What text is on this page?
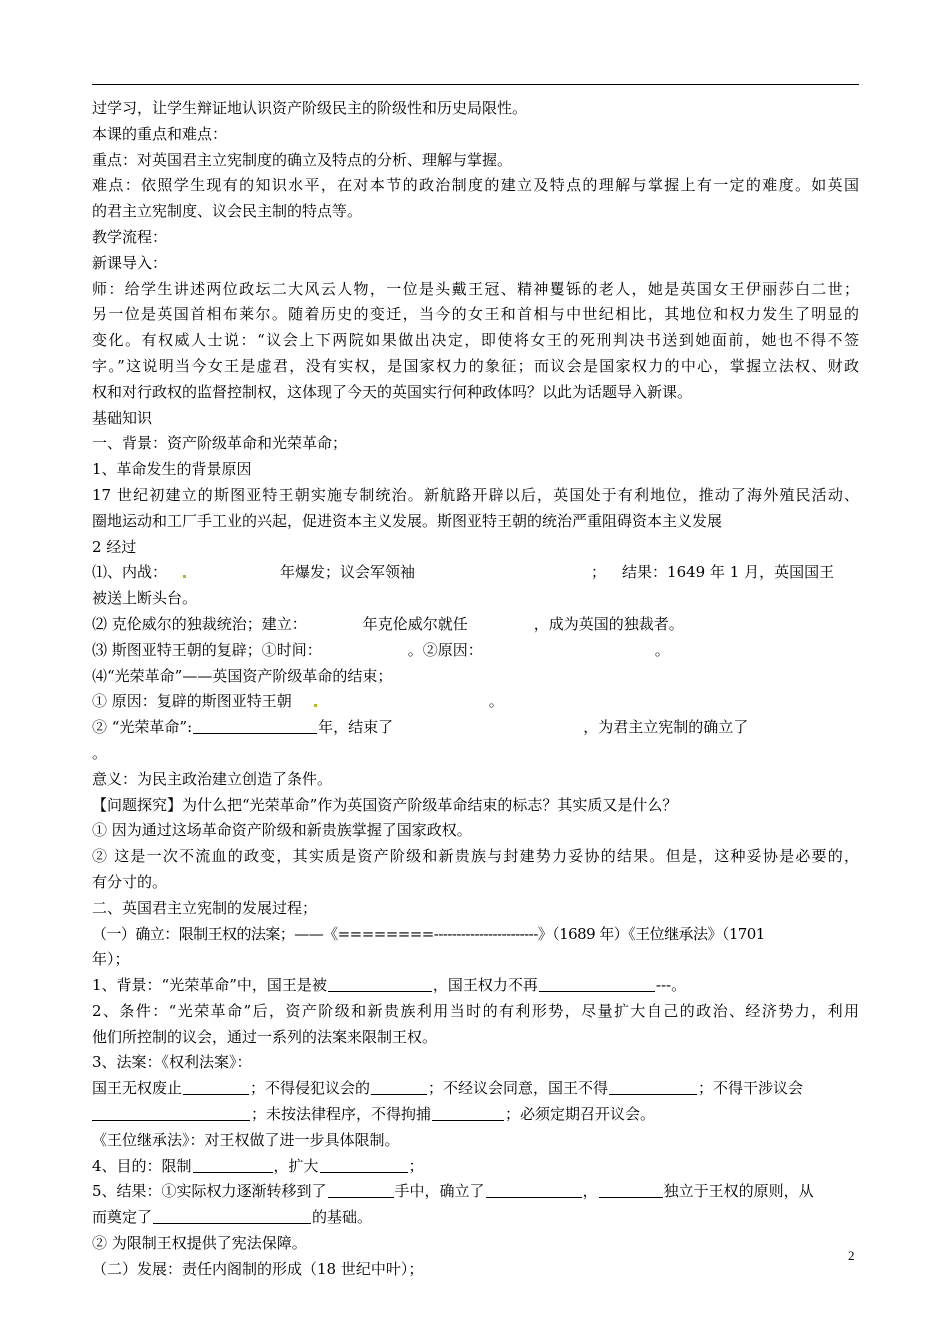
过学习，让学生辩证地认识资产阶级民主的阶级性和历史局限性。
本课的重点和难点：
重点：对英国君主立宪制度的确立及特点的分析、理解与掌握。
难点：依照学生现有的知识水平，在对本节的政治制度的建立及特点的理解与掌握上有一定的难度。如英国
的君主立宪制度、议会民主制的特点等。
教学流程：
新课导入：
师：给学生讲述两位政坛二大风云人物，一位是头戴王冠、精神矍铄的老人，她是英国女王伊丽莎白二世；
另一位是英国首相布莱尔。随着历史的变迁，当今的女王和首相与中世纪相比，其地位和权力发生了明显的
变化。有权威人士说：“议会上下两院如果做出决定，即使将女王的死刑判决书送到她面前，她也不得不签
字。”这说明当今女王是虚君，没有实权，是国家权力的象征；而议会是国家权力的中心，掌握立法权、财政
权和对行政权的监督控制权，这体现了今天的英国实行何种政体吗？以此为话题导入新课。
基础知识
一、背景：资产阶级革命和光荣革命；
1、革命发生的背景原因
17 世纪初建立的斯图亚特王朝实施专制统治。新航路开辟以后，英国处于有利地位，推动了海外殖民活动、
圈地运动和工厂手工业的兴起，促进资本主义发展。斯图亚特王朝的统治严重阻碍资本主义发展
2 经过
⑴、内战：	年爆发；议会军领袖	； 结果：1649 年 1 月，英国国王
被送上断头台。
⑵ 克伦威尔的独裁统治；建立：	年克伦威尔就任	，成为英国的独裁者。
⑶ 斯图亚特王朝的复辟；①时间：	。②原因：	。
⑷“光荣革命”——英国资产阶级革命的结束；
① 原因：复辟的斯图亚特王朝	。
② “光荣革命”:	年，结束了	，为君主立宪制的确立了
。
意义：为民主政治建立创造了条件。
【问题探究】为什么把“光荣革命”作为英国资产阶级革命结束的标志？其实质又是什么？
① 因为通过这场革命资产阶级和新贵族掌握了国家政权。
② 这是一次不流血的政变，其实质是资产阶级和新贵族与封建势力妥协的结果。但是，这种妥协是必要的，
有分寸的。
二、英国君主立宪制的发展过程；
（一）确立：限制王权的法案；——《========-----------------------》（1689 年）《王位继承法》（1701
年）；
1、背景：“光荣革命”中，国王是被	，国王权力不再	---。
2、条件：“光荣革命”后，资产阶级和新贵族利用当时的有利形势，尽量扩大自己的政治、经济势力，利用
他们所控制的议会，通过一系列的法案来限制王权。
3、法案：《权利法案》：
国王无权废止	；不得侵犯议会的	；不经议会同意，国王不得	；不得干涉议会
；未按法律程序，不得拘捕	；必须定期召开议会。
《王位继承法》：对王权做了进一步具体限制。
4、目的：限制	，扩大	；
5、结果：①实际权力逐渐转移到了	手中，确立了	，	独立于王权的原则，从
而奠定了	的基础。
② 为限制王权提供了宪法保障。
（二）发展：责任内阁制的形成（18 世纪中叶）；
2
